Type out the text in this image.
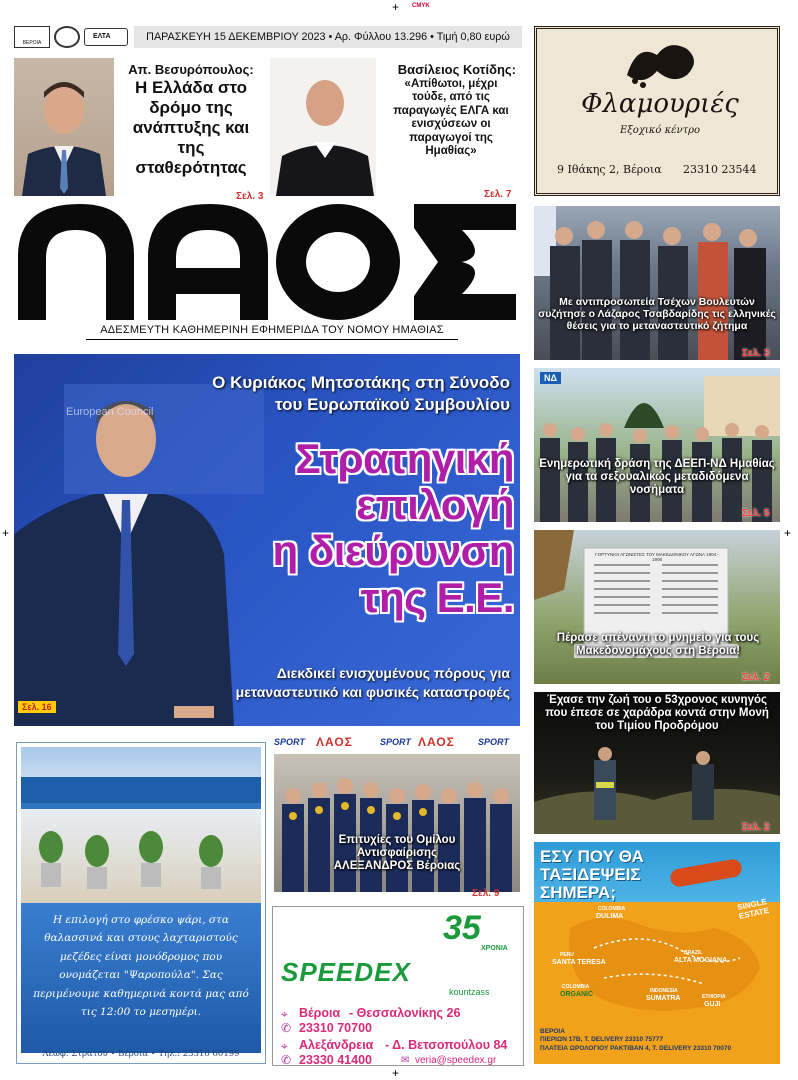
+ CMYK
+	+
+
ΒΕΡΟΙΑ
ΕΛΤΑ	ΠΑΡΑΣΚΕΥΗ 15 ΔΕΚΕΜΒΡΙΟΥ 2023 • Αρ. Φύλλου 13.296 • Τιμή 0,80 ευρώ
Απ. Βεσυρόπουλος:
Η Ελλάδα στο δρόμο της ανάπτυξης και της σταθερότητας
Σελ. 3
Βασίλειος Κοτίδης:
«Απίθωτοι, μέχρι τούδε, από τις παραγωγές ΕΛΓΑ και ενισχύσεων οι παραγωγοί της Ημαθίας»
Σελ. 7
ΑΔΕΣΜΕΥΤΗ ΚΑΘΗΜΕΡΙΝΗ ΕΦΗΜΕΡΙΔΑ ΤΟΥ ΝΟΜΟΥ ΗΜΑΘΙΑΣ
Φλαμουριές
Εξοχικό κέντρο
9 Ιθάκης 2, Βέροια 23310 23544
Με αντιπροσωπεία Τσέχων Βουλευτών συζήτησε ο Λάζαρος Τσαβδαρίδης τις ελληνικές θέσεις για το μεταναστευτικό ζήτημα
Σελ. 3
European Council
Ο Κυριάκος Μητσοτάκης στη Σύνοδο
του Ευρωπαϊκού Συμβουλίου
Στρατηγική
επιλογή
η διεύρυνση
της Ε.Ε.
Διεκδικεί ενισχυμένους πόρους για
μεταναστευτικό και φυσικές καταστροφές
Σελ. 16
ΝΔ
Ενημερωτική δράση της ΔΕΕΠ-ΝΔ Ημαθίας για τα σεξουαλικώς μεταδιδόμενα νοσήματα
Σελ. 5
ΓΟΡΤΥΝΙΟΙ ΑΓΩΝΙΣΤΕΣ ΤΟΥ ΜΑΚΕΔΟΝΙΚΟΥ ΑΓΩΝΑ 1904 - 1908
Πέρασε απέναντι το μνημείο για τους Μακεδονομάχους στη Βέροια!
Σελ. 2
Έχασε την ζωή του ο 53χρονος κυνηγός που έπεσε σε χαράδρα κοντά στην Μονή του Τιμίου Προδρόμου
Σελ. 2
Η επιλογή στο φρέσκο ψάρι, στα θαλασσινά και στους λαχταριστούς μεζέδες είναι μονόδρομος που ονομάζεται "Ψαροπούλα". Σας περιμένουμε καθημερινά κοντά μας από τις 12:00 το μεσημέρι.
Λεωφ. Στρατού • Βέροια • Τηλ.: 23310 60199
SPORT ΛΑΟΣ	SPORT ΛΑΟΣ	SPORT
Επιτυχίες του Ομίλου Αντισφαίρισης ΑΛΕΞΑΝΔΡΟΣ Βέροιας
Σελ. 9
35
ΧΡΟΝΙΑ
SPEEDEX
kountzass
⌖ Βέροια - Θεσσαλονίκης 26
✆ 23310 70700
⌖ Αλεξάνδρεια - Δ. Βετσοπούλου 84
✆ 23330 41400	✉ veria@speedex.gr
ΕΣΥ ΠΟΥ ΘΑ
ΤΑΞΙΔΕΨΕΙΣ
ΣΗΜΕΡΑ;
SINGLE ESTATE
COLOMBIA
DULIMA
PERU
SANTA TERESA
BRAZIL
ALTA MOGIANA
COLOMBIA
ORGANIC	INDONESIA
SUMATRA	ETHIOPIA
GUJI
ΒΕΡΟΙΑ
ΠΙΕΡΙΩΝ 17Β, Τ. DELIVERY 23310 75777
ΠΛΑΤΕΙΑ ΩΡΟΛΟΓΙΟΥ ΡΑΚΤΙΒΑΝ 4, Τ. DELIVERY 23310 70070
